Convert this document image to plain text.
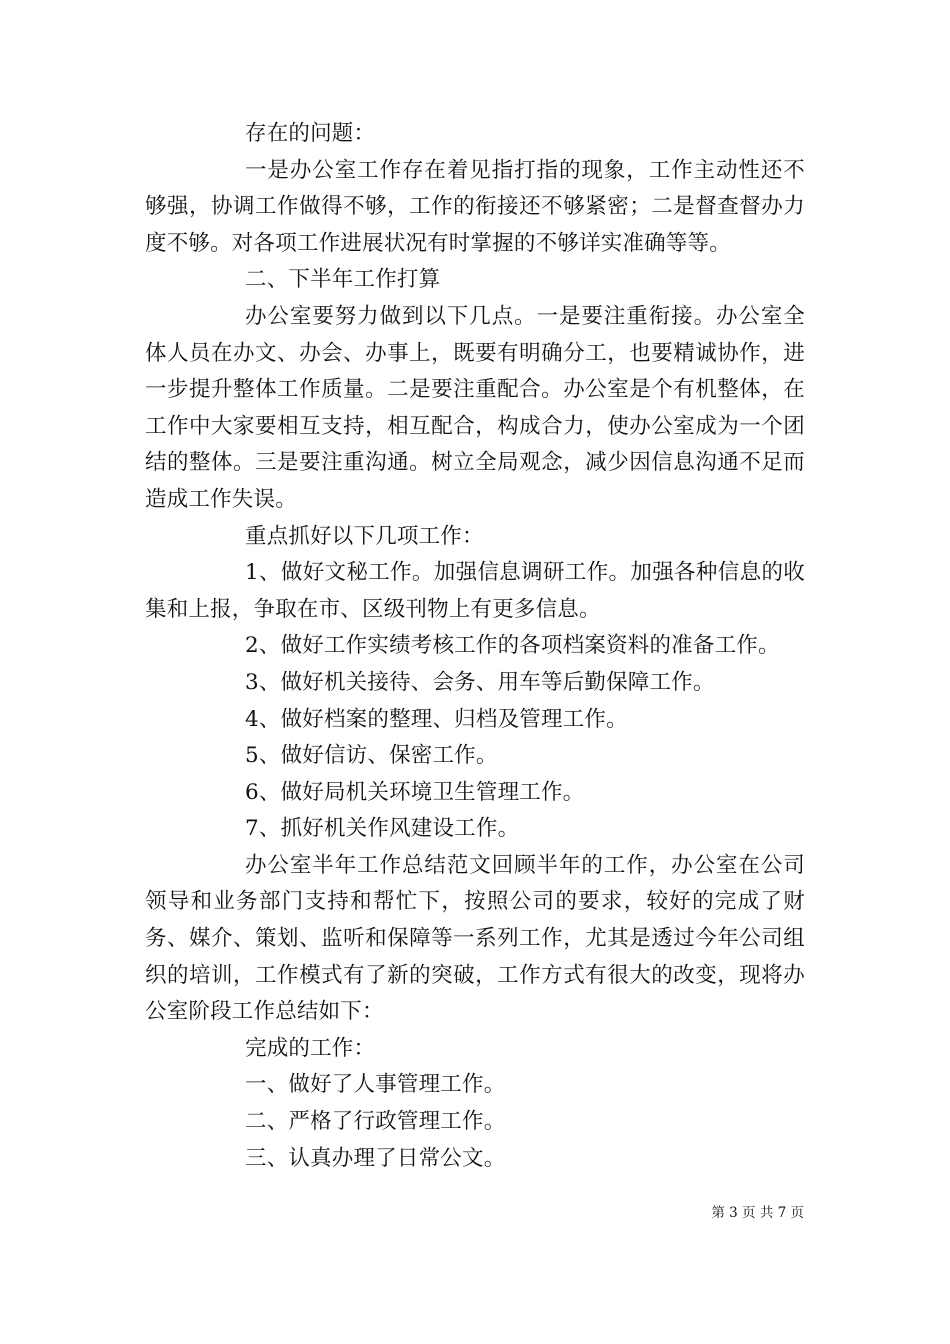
存在的问题：

一是办公室工作存在着见指打指的现象，工作主动性还不够强，协调工作做得不够，工作的衔接还不够紧密；二是督查督办力度不够。对各项工作进展状况有时掌握的不够详实准确等等。

二、下半年工作打算

办公室要努力做到以下几点。一是要注重衔接。办公室全体人员在办文、办会、办事上，既要有明确分工，也要精诚协作，进一步提升整体工作质量。二是要注重配合。办公室是个有机整体，在工作中大家要相互支持，相互配合，构成合力，使办公室成为一个团结的整体。三是要注重沟通。树立全局观念，减少因信息沟通不足而造成工作失误。

重点抓好以下几项工作：

1、做好文秘工作。加强信息调研工作。加强各种信息的收集和上报，争取在市、区级刊物上有更多信息。

2、做好工作实绩考核工作的各项档案资料的准备工作。

3、做好机关接待、会务、用车等后勤保障工作。

4、做好档案的整理、归档及管理工作。

5、做好信访、保密工作。

6、做好局机关环境卫生管理工作。

7、抓好机关作风建设工作。

办公室半年工作总结范文回顾半年的工作，办公室在公司领导和业务部门支持和帮忙下，按照公司的要求，较好的完成了财务、媒介、策划、监听和保障等一系列工作，尤其是透过今年公司组织的培训，工作模式有了新的突破，工作方式有很大的改变，现将办公室阶段工作总结如下：

完成的工作：

一、做好了人事管理工作。

二、严格了行政管理工作。

三、认真办理了日常公文。

第 3 页 共 7 页
